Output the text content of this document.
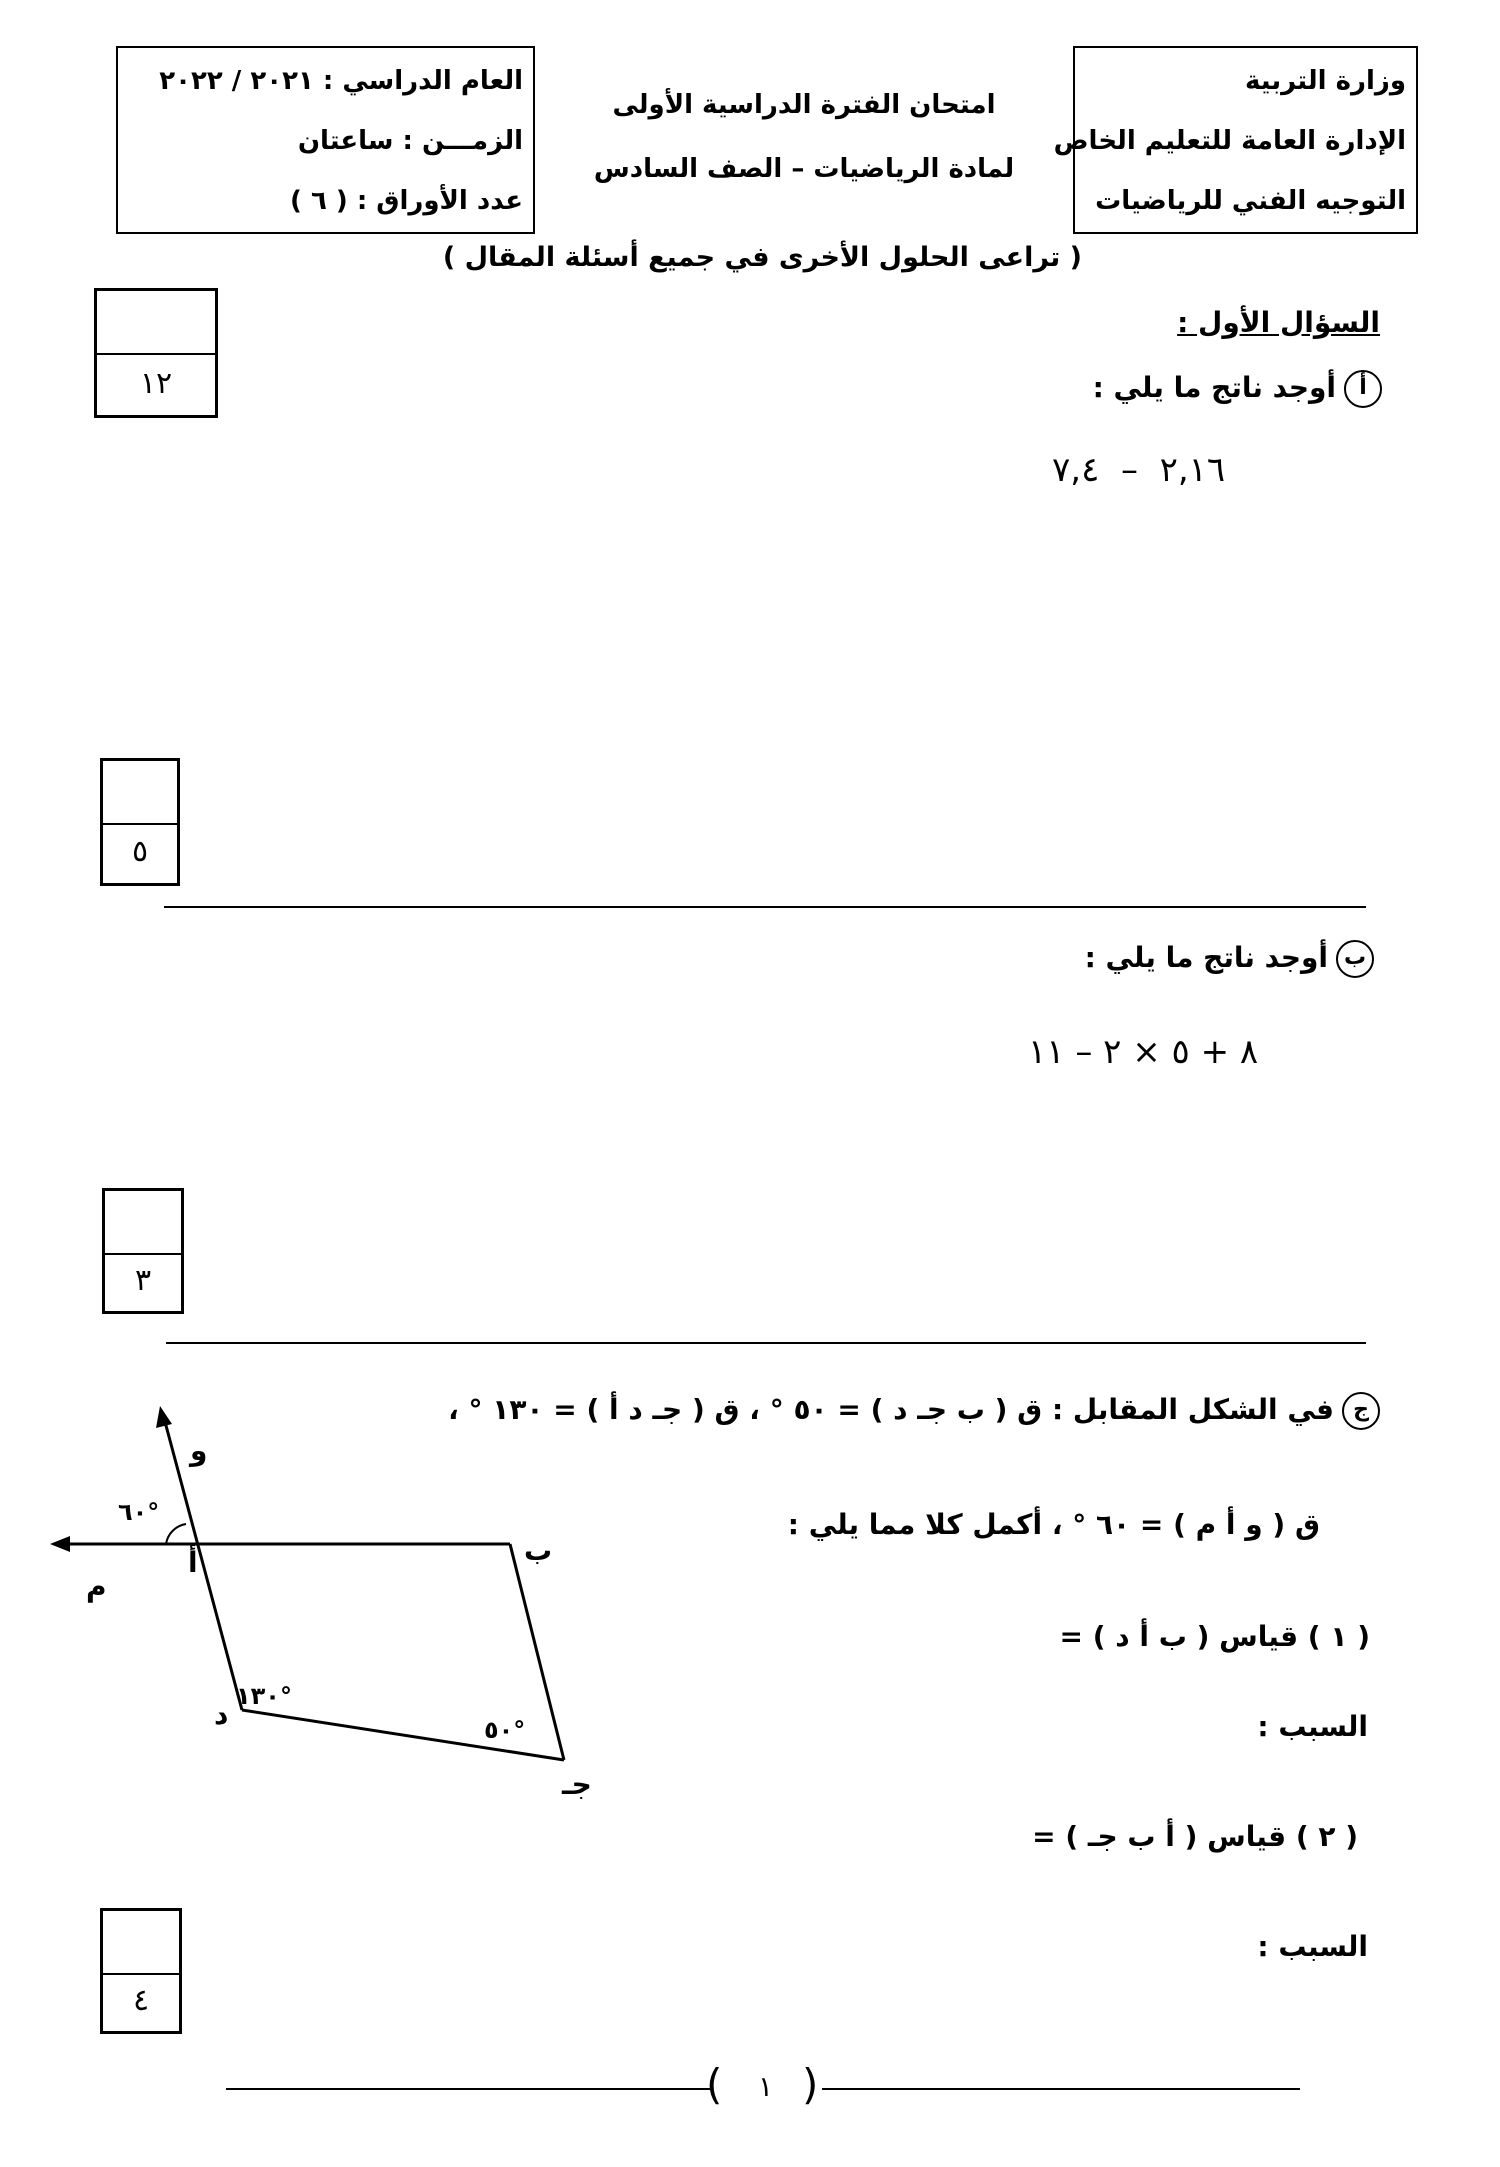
وزارة التربية
الإدارة العامة للتعليم الخاص
التوجيه الفني للرياضيات
امتحان الفترة الدراسية الأولى
لمادة الرياضيات – الصف السادس
العام الدراسي : ٢٠٢١ / ٢٠٢٢
الزمـــن : ساعتان
عدد الأوراق : ( ٦ )
( تراعى الحلول الأخرى في جميع أسئلة المقال )
١٢
السؤال الأول :
أأوجد ناتج ما يلي :
٢,١٦  –  ٧,٤
٥
بأوجد ناتج ما يلي :
٨ + ٥ × ٢ – ١١
٣
جفي الشكل المقابل : ق ( ب جـ د ) = ٥٠ ° ، ق ( جـ د أ ) = ١٣٠ ° ،
ق ( و أ م ) = ٦٠ ° ، أكمل كلا مما يلي :
( ١ ) قياس ( ب أ د ) =
السبب :
( ٢ ) قياس ( أ ب جـ ) =
السبب :
و
م
أ	ب
د
جـ
٦٠°
١٣٠°
٥٠°
٤
( )
١
